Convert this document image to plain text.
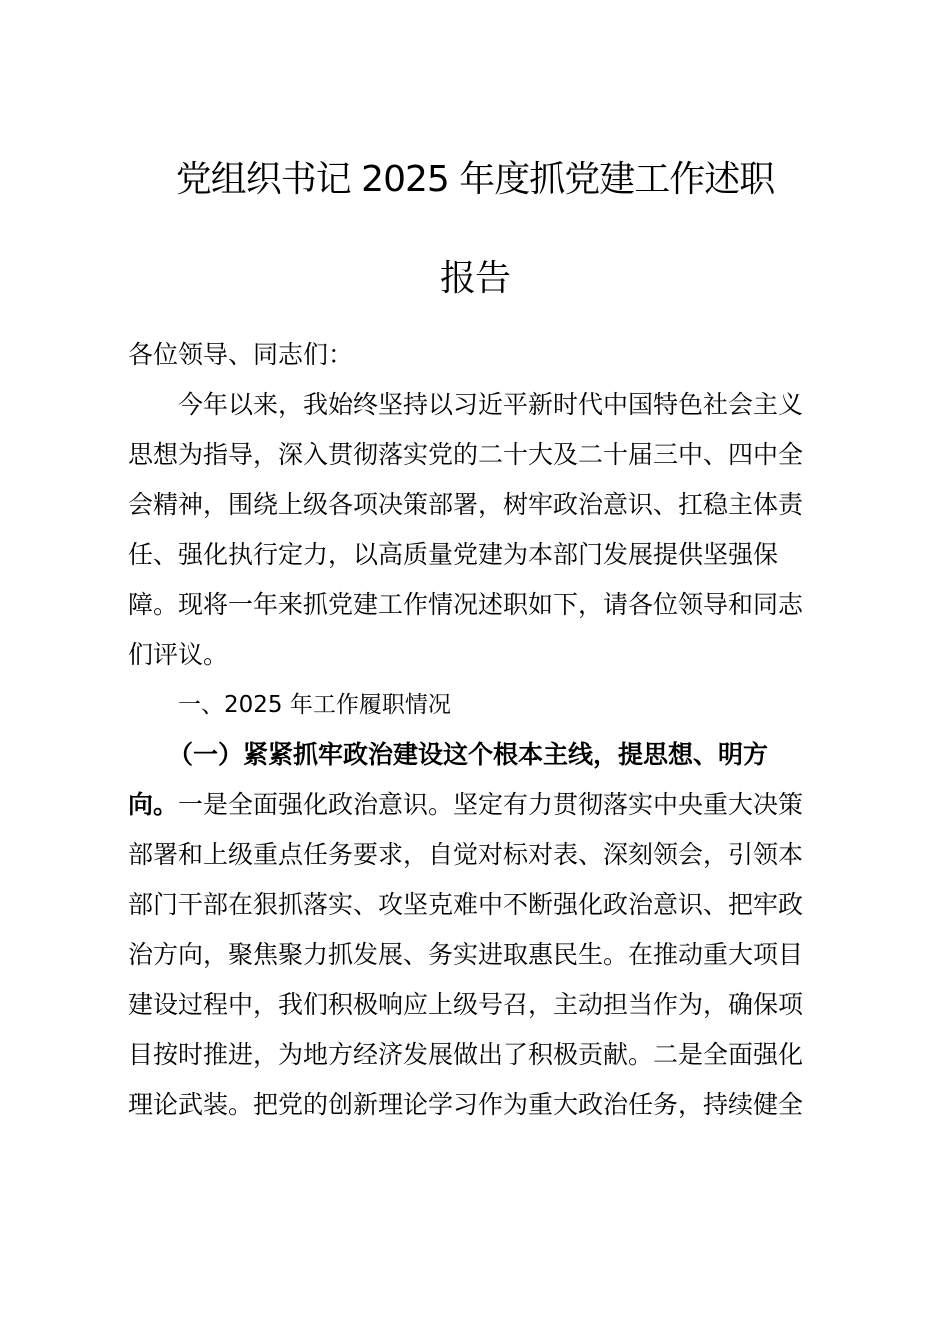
党组织书记 2025 年度抓党建工作述职
报告
各位领导、同志们：
今年以来，我始终坚持以习近平新时代中国特色社会主义
思想为指导，深入贯彻落实党的二十大及二十届三中、四中全
会精神，围绕上级各项决策部署，树牢政治意识、扛稳主体责
任、强化执行定力，以高质量党建为本部门发展提供坚强保
障。现将一年来抓党建工作情况述职如下，请各位领导和同志
们评议。
一、2025 年工作履职情况
（一）紧紧抓牢政治建设这个根本主线，提思想、明方
向。一是全面强化政治意识。坚定有力贯彻落实中央重大决策
部署和上级重点任务要求，自觉对标对表、深刻领会，引领本
部门干部在狠抓落实、攻坚克难中不断强化政治意识、把牢政
治方向，聚焦聚力抓发展、务实进取惠民生。在推动重大项目
建设过程中，我们积极响应上级号召，主动担当作为，确保项
目按时推进，为地方经济发展做出了积极贡献。二是全面强化
理论武装。把党的创新理论学习作为重大政治任务，持续健全
